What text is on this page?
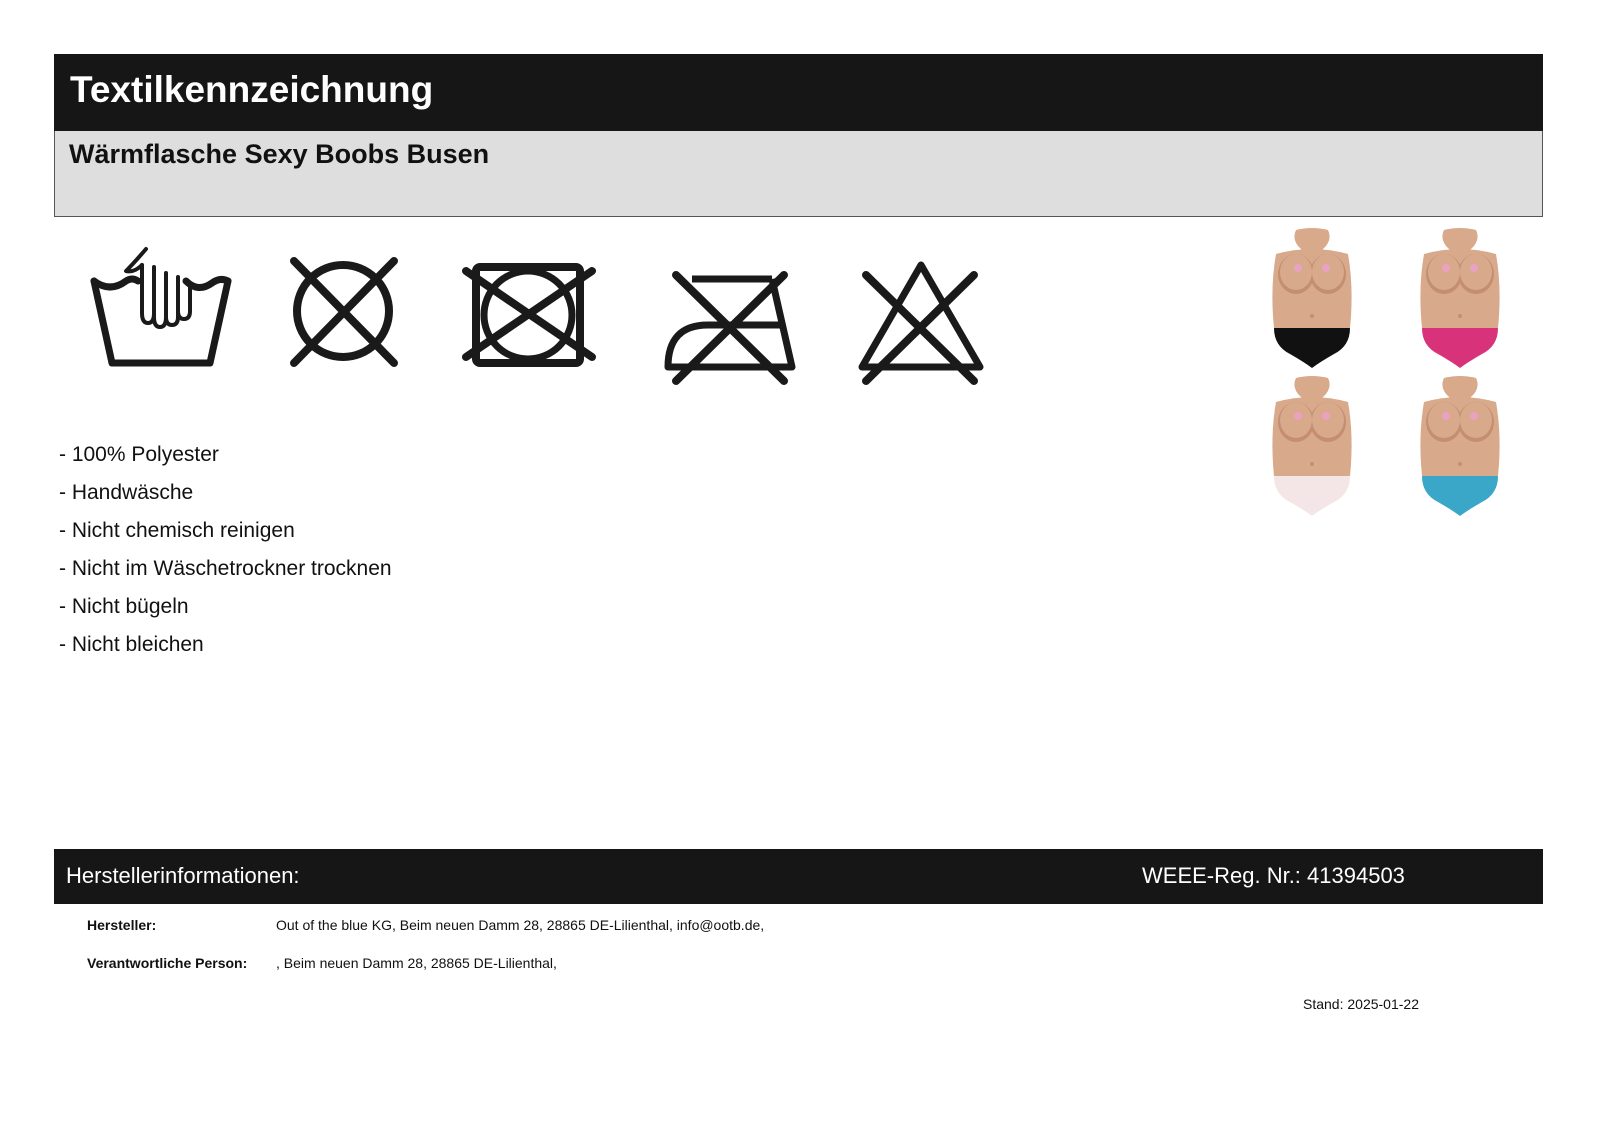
Textilkennzeichnung
Wärmflasche Sexy Boobs Busen
- 100% Polyester
- Handwäsche
- Nicht chemisch reinigen
- Nicht im Wäschetrockner trocknen
- Nicht bügeln
- Nicht bleichen
Herstellerinformationen:	WEEE-Reg. Nr.: 41394503
Hersteller:	Out of the blue KG, Beim neuen Damm 28, 28865 DE-Lilienthal, info@ootb.de,
Verantwortliche Person: , Beim neuen Damm 28, 28865 DE-Lilienthal,
Stand: 2025-01-22
